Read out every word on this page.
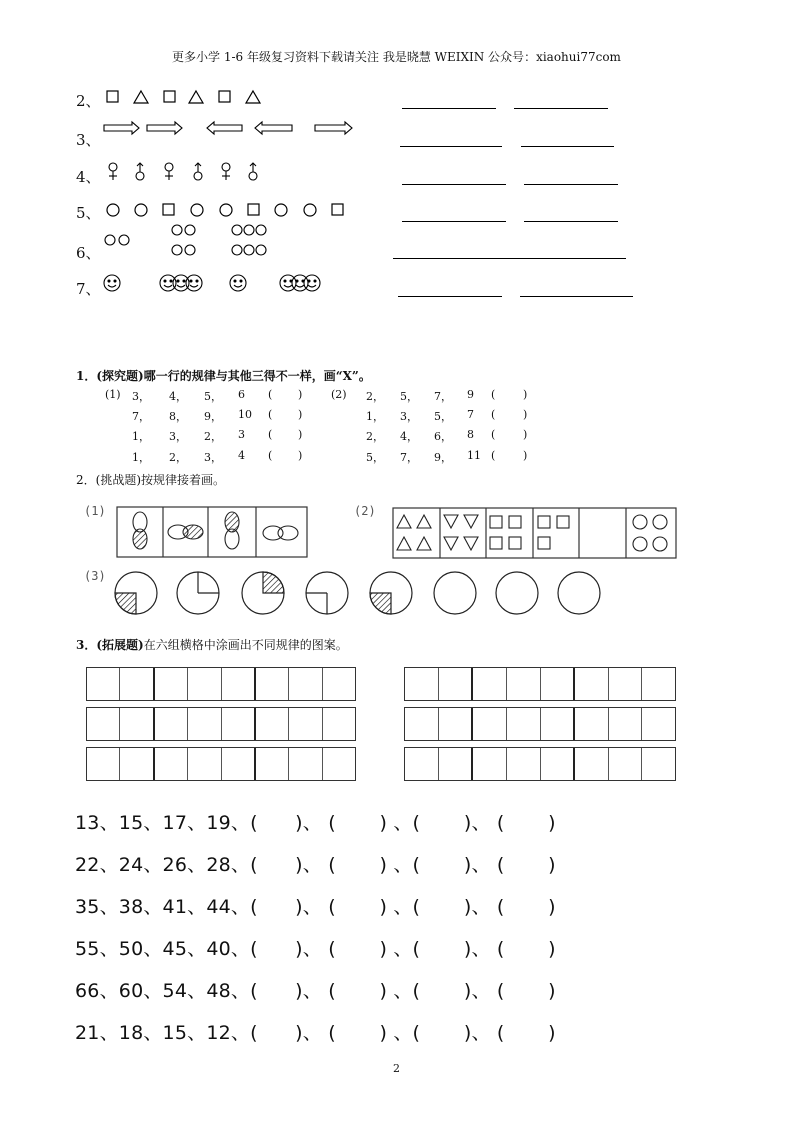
更多小学 1-6 年级复习资料下载请关注 我是晓慧 WEIXIN 公众号：xiaohui77com
2、
3、
4、
5、
6、
7、
1．(探究题)哪一行的规律与其他三得不一样，画“X”。
(1)	(2)
3， 4， 5， 6 ( )
7， 8， 9， 10 ( )
1， 3， 2， 3 ( )
1， 2， 3， 4 ( )
2， 5， 7， 9 (	)
1， 3， 5， 7 (	)
2， 4， 6， 8 (	)
5， 7， 9， 11 (	)
2．(挑战题)按规律接着画。
(1)	(2)
(3)
3．(拓展题)在六组横格中涂画出不同规律的图案。
13、15、17、19、(      )、 (       ) 、(       )、 (       )
22、24、26、28、(      )、 (       ) 、(       )、 (       )
35、38、41、44、(      )、 (       ) 、(       )、 (       )
55、50、45、40、(      )、 (       ) 、(       )、 (       )
66、60、54、48、(      )、 (       ) 、(       )、 (       )
21、18、15、12、(      )、 (       ) 、(       )、 (       )
2
